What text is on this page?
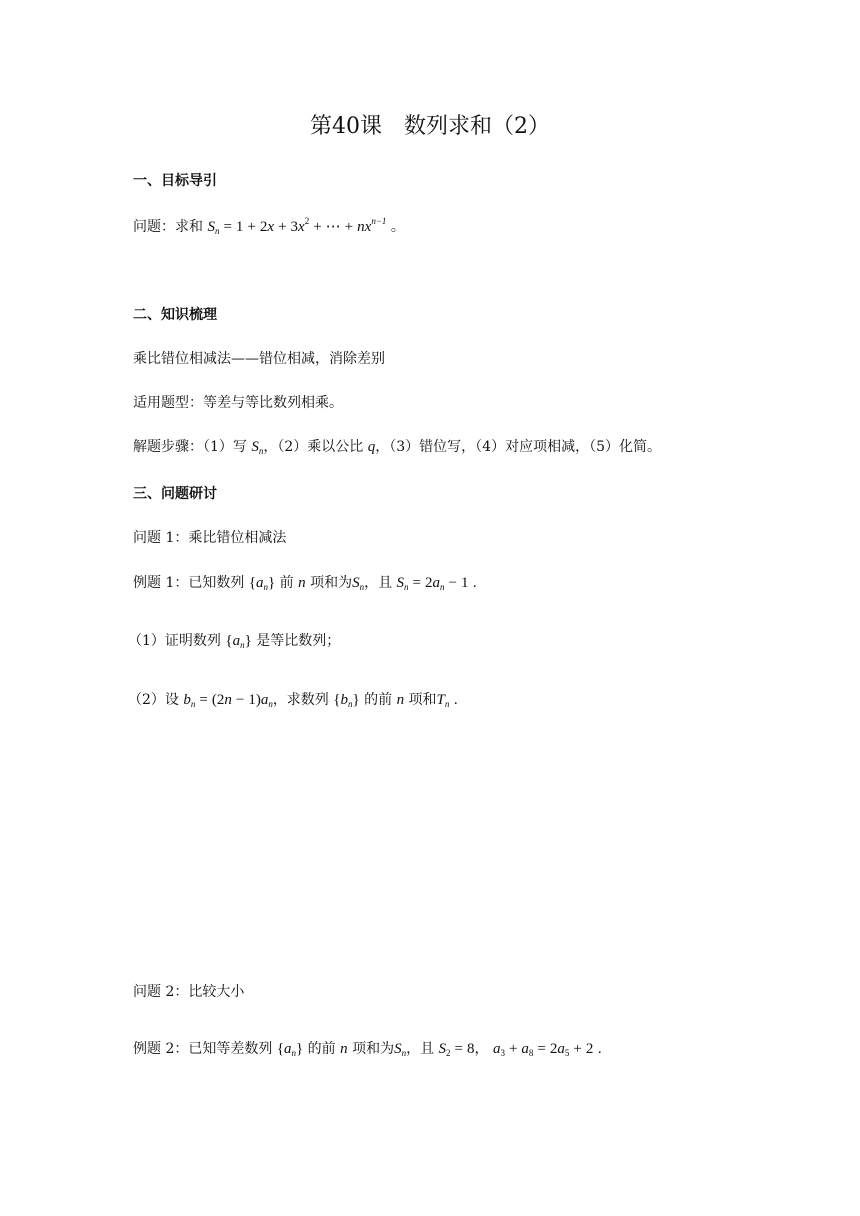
第40课 数列求和（2）
一、目标导引
问题：求和 $S_n = 1 + 2x + 3x^2$ + ⋯ + $nx^{n-1}$ 。
二、知识梳理
乘比错位相减法——错位相减，消除差别
适用题型：等差与等比数列相乘。
解题步骤：（1）写 $S_n$，（2）乘以公比 q，（3）错位写，（4）对应项相减，（5）化简。
三、问题研讨
问题 1：乘比错位相减法
例题 1：已知数列 $\{a_n\}$ 前 n 项和为$S_n$，且 $S_n = 2a_n - 1$ .
（1）证明数列 $\{a_n\}$ 是等比数列；
（2）设 $b_n = (2n - 1)a_n$，求数列 $\{b_n\}$ 的前 n 项和$T_n$ .
问题 2：比较大小
例题 2：已知等差数列 $\{a_n\}$ 的前 n 项和为$S_n$，且 $S_2 = 8$， $a_3 + a_8 = 2a_5 + 2$ .
